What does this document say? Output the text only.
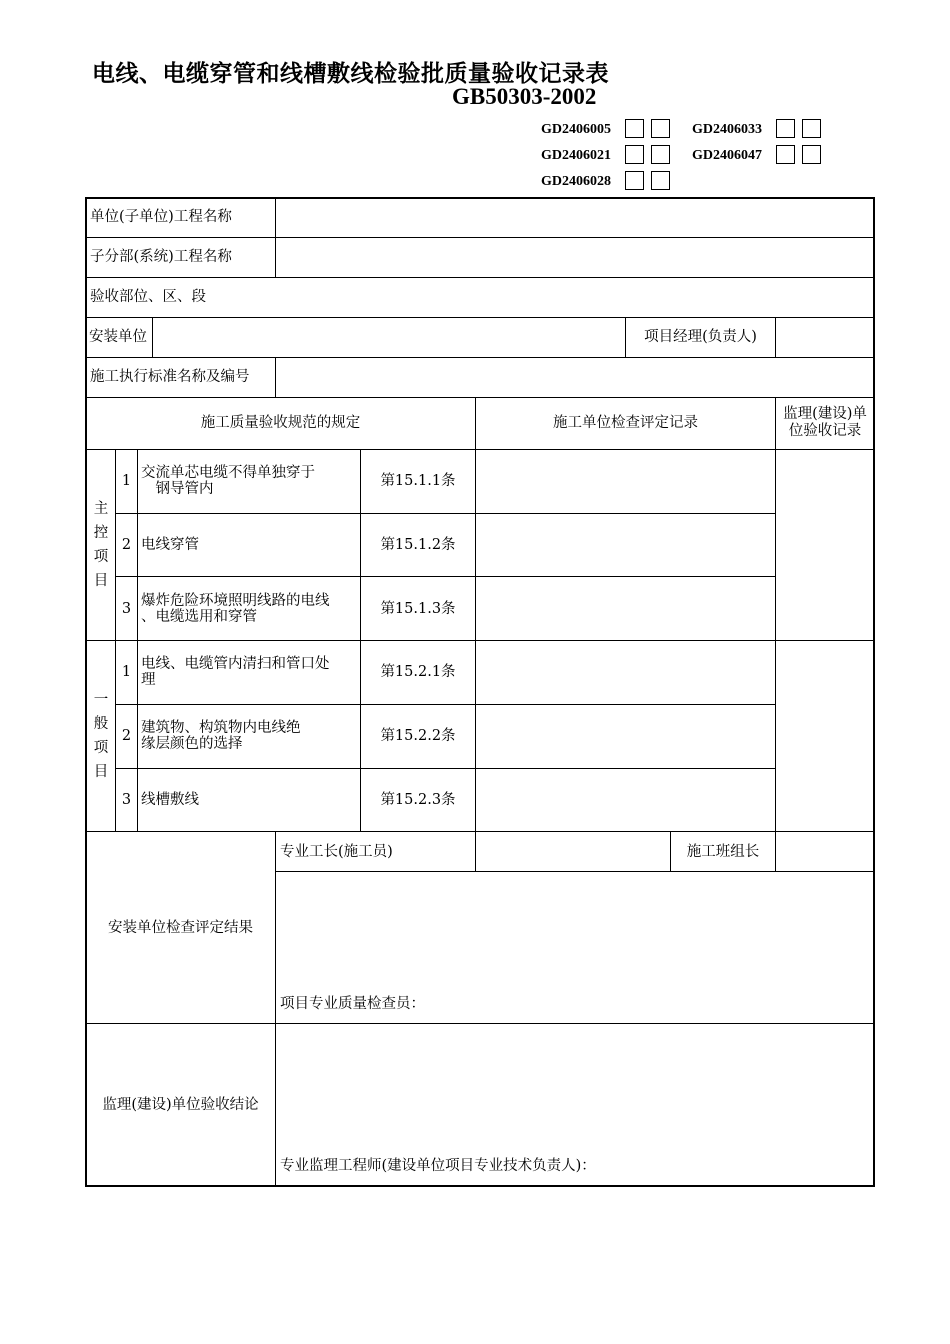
电线、电缆穿管和线槽敷线检验批质量验收记录表
GB50303-2002
GD2406005	GD2406033
GD2406021	GD2406047
GD2406028
单位(子单位)工程名称
子分部(系统)工程名称
验收部位、区、段
安装单位	项目经理(负责人)
施工执行标准名称及编号
施工质量验收规范的规定	施工单位检查评定记录
监理(建设)单位验收记录
主控项目
1 交流单芯电缆不得单独穿于
　钢导管内	第15.1.1条
2 电线穿管	第15.1.2条
3 爆炸危险环境照明线路的电线
、电缆选用和穿管	第15.1.3条
一般项目
1 电线、电缆管内清扫和管口处
理	第15.2.1条
2 建筑物、构筑物内电线绝
缘层颜色的选择	第15.2.2条
3 线槽敷线	第15.2.3条
专业工长(施工员)	施工班组长
安装单位检查评定结果
项目专业质量检查员：
监理(建设)单位验收结论
专业监理工程师(建设单位项目专业技术负责人)：
